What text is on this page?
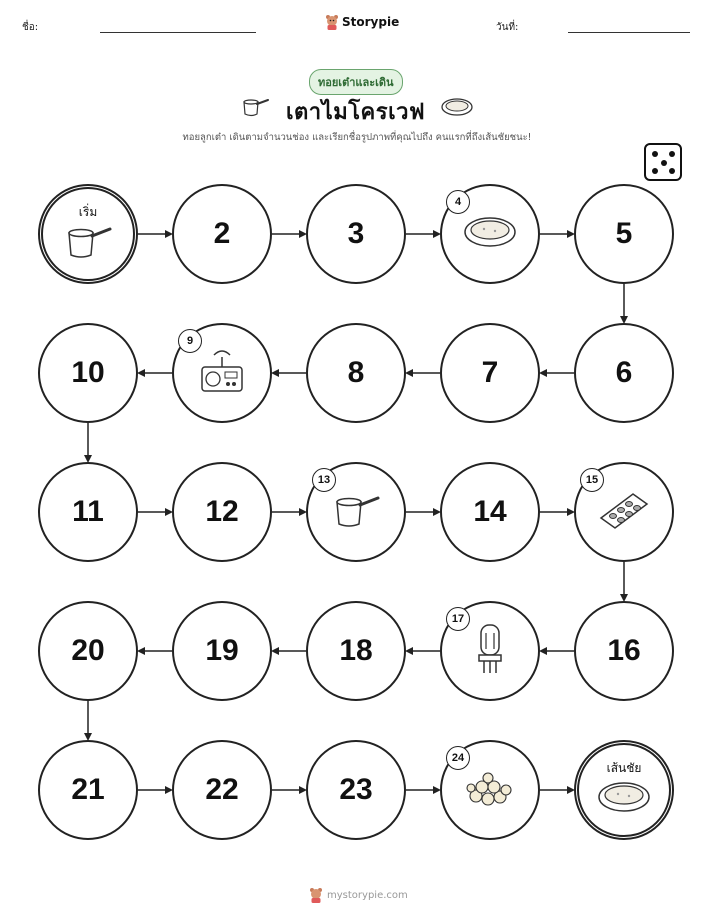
ชื่อ:	Storypie	วันที่:
ทอยเต๋าและเดิน
เตาไมโครเวฟ
ทอยลูกเต๋า เดินตามจำนวนช่อง และเรียกชื่อรูปภาพที่คุณไปถึง คนแรกที่ถึงเส้นชัยชนะ!
เริ่ม
2	3
4
5
6
7
8
9
10
11	12
13
14
15
16
17
18
19
20
21	22	23
24
เส้นชัย
mystorypie.com
